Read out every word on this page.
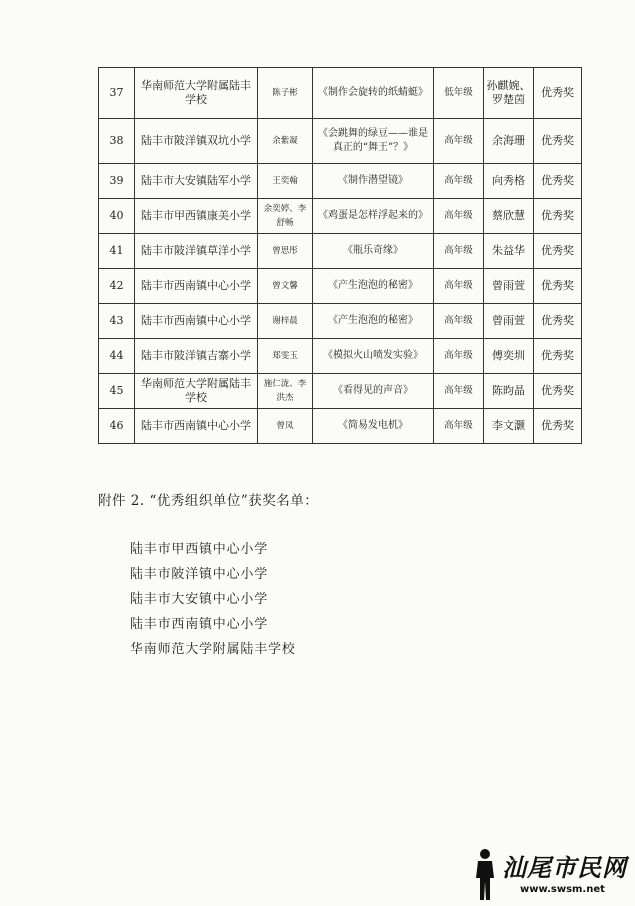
37	华南师范大学附属陆丰学校	陈子彬	《制作会旋转的纸蜻蜓》	低年级	孙麒婉、罗楚茵	优秀奖
38	陆丰市陂洋镇双坑小学	余紫凝	《会跳舞的绿豆——谁是真正的“舞王”？》	高年级	余海珊	优秀奖
39	陆丰市大安镇陆军小学	王奕翰	《制作潜望镜》	高年级	向秀格	优秀奖
40	陆丰市甲西镇康美小学	余奕婷、李舒畅	《鸡蛋是怎样浮起来的》	高年级	蔡欣慧	优秀奖
41	陆丰市陂洋镇草洋小学	曾思彤	《瓶乐奇缘》	高年级	朱益华	优秀奖
42	陆丰市西南镇中心小学	曾文馨	《产生泡泡的秘密》	高年级	曾雨萱	优秀奖
43	陆丰市西南镇中心小学	谢梓晨	《产生泡泡的秘密》	高年级	曾雨萱	优秀奖
44	陆丰市陂洋镇吉寨小学	郑雯玉	《模拟火山喷发实验》	高年级	傅奕圳	优秀奖
45	华南师范大学附属陆丰学校	施仁泷、李洪杰	《看得见的声音》	高年级	陈昀晶	优秀奖
46	陆丰市西南镇中心小学	曾凤	《简易发电机》	高年级	李文灏	优秀奖
附件 2. “优秀组织单位”获奖名单：
陆丰市甲西镇中心小学
陆丰市陂洋镇中心小学
陆丰市大安镇中心小学
陆丰市西南镇中心小学
华南师范大学附属陆丰学校
汕尾市民网
www.swsm.net
